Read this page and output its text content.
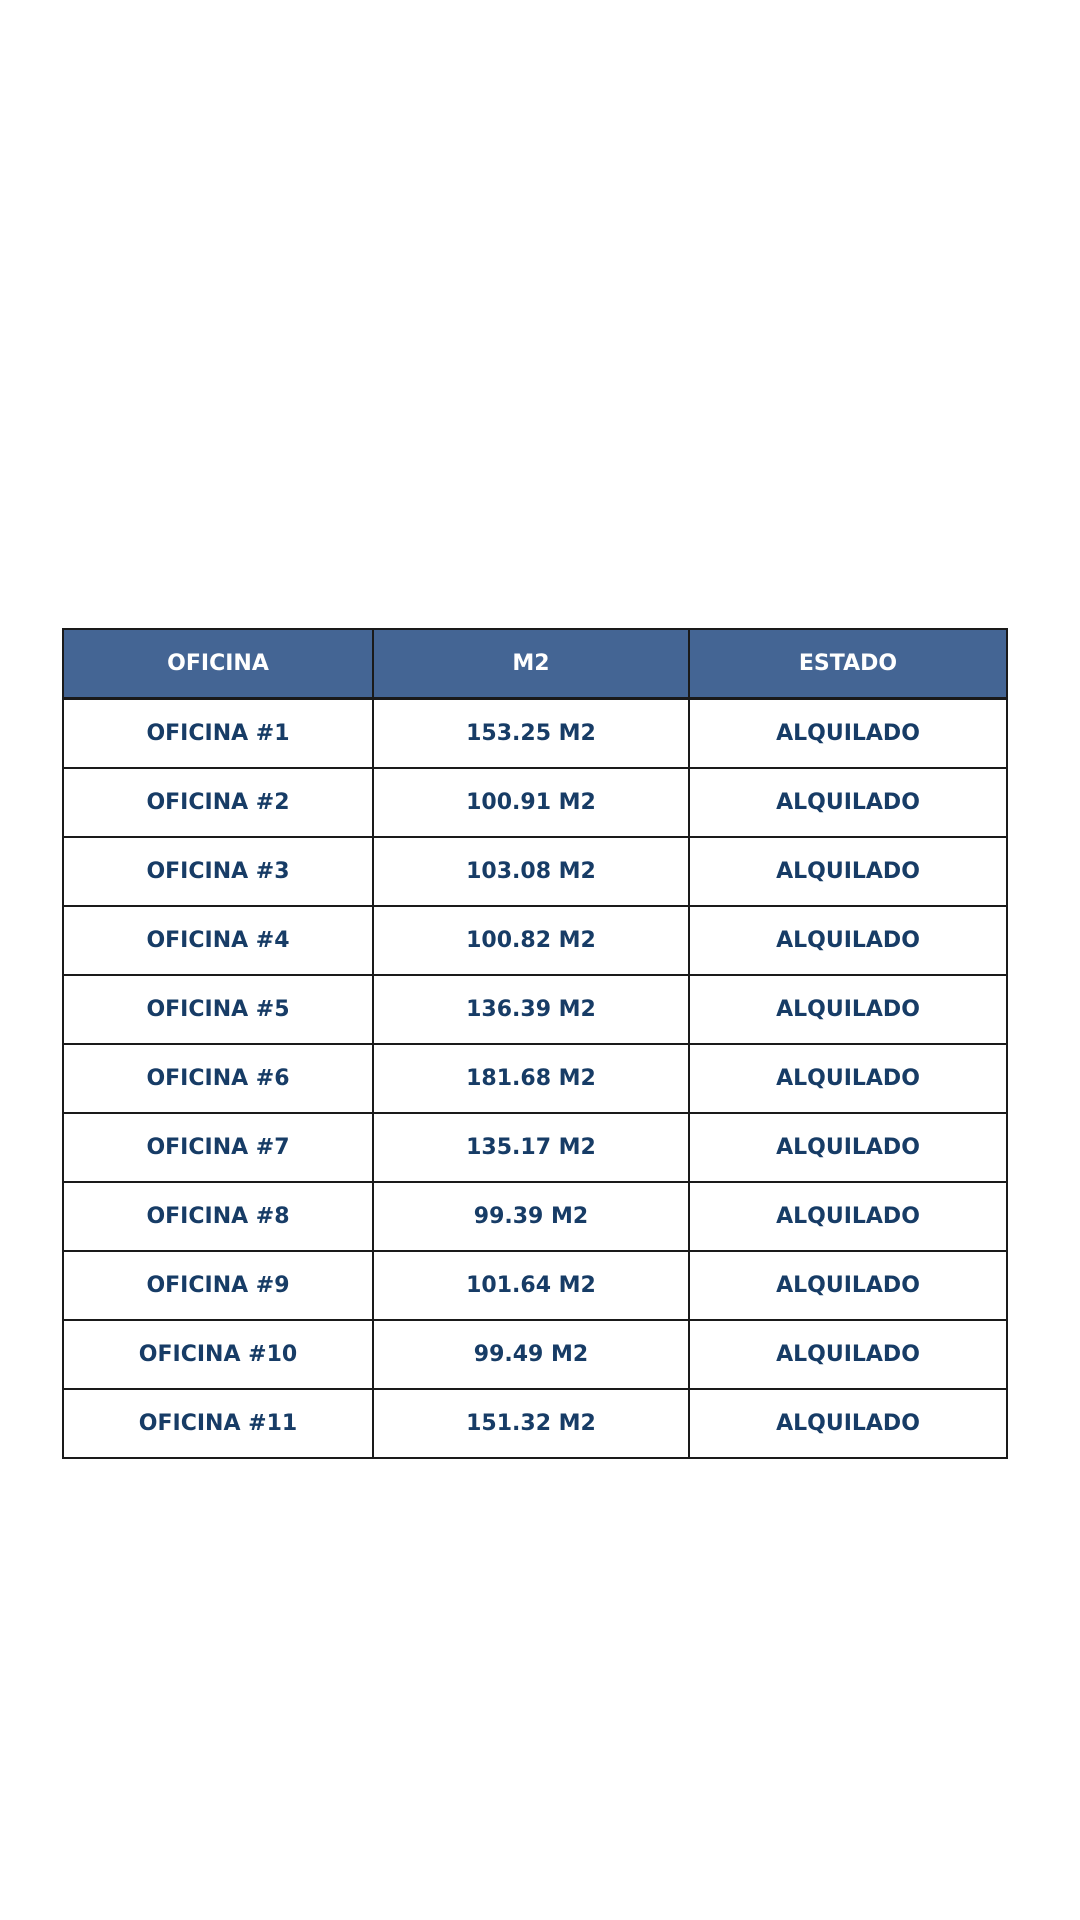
OFICINA	M2	ESTADO
OFICINA #1	153.25 M2	ALQUILADO
OFICINA #2	100.91 M2	ALQUILADO
OFICINA #3	103.08 M2	ALQUILADO
OFICINA #4	100.82 M2	ALQUILADO
OFICINA #5	136.39 M2	ALQUILADO
OFICINA #6	181.68 M2	ALQUILADO
OFICINA #7	135.17 M2	ALQUILADO
OFICINA #8	99.39 M2	ALQUILADO
OFICINA #9	101.64 M2	ALQUILADO
OFICINA #10	99.49 M2	ALQUILADO
OFICINA #11	151.32 M2	ALQUILADO
